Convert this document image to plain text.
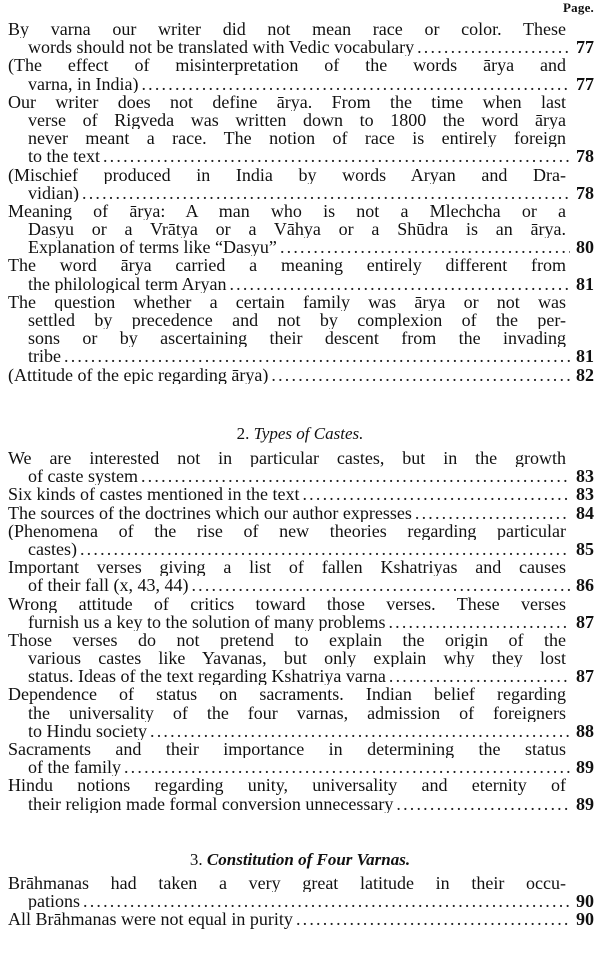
Page.
By varna our writer did not mean race or color. These
words should not be translated with Vedic vocabulary .....	77
(The effect of misinterpretation of the words ārya and
varna, in India) .....	77
Our writer does not define ārya. From the time when last
verse of Rigveda was written down to 1800 the word ārya
never meant a race. The notion of race is entirely foreign
to the text .....	78
(Mischief produced in India by words Aryan and Dra-
vidian) .....	78
Meaning of ārya: A man who is not a Mlechcha or a
Dasyu or a Vrātya or a Vāhya or a Shūdra is an ārya.
Explanation of terms like “Dasyu” .....	80
The word ārya carried a meaning entirely different from
the philological term Aryan .....	81
The question whether a certain family was ārya or not was
settled by precedence and not by complexion of the per-
sons or by ascertaining their descent from the invading
tribe .....	81
(Attitude of the epic regarding ārya) .....	82
2. Types of Castes.
We are interested not in particular castes, but in the growth
of caste system .....	83
Six kinds of castes mentioned in the text .....	83
The sources of the doctrines which our author expresses .....	84
(Phenomena of the rise of new theories regarding particular
castes) .....	85
Important verses giving a list of fallen Kshatriyas and causes
of their fall (x, 43, 44) .....	86
Wrong attitude of critics toward those verses. These verses
furnish us a key to the solution of many problems .....	87
Those verses do not pretend to explain the origin of the
various castes like Yavanas, but only explain why they lost
status. Ideas of the text regarding Kshatriya varna .....	87
Dependence of status on sacraments. Indian belief regarding
the universality of the four varnas, admission of foreigners
to Hindu society .....	88
Sacraments and their importance in determining the status
of the family .....	89
Hindu notions regarding unity, universality and eternity of
their religion made formal conversion unnecessary .....	89
3. Constitution of Four Varnas.
Brāhmanas had taken a very great latitude in their occu-
pations .....	90
All Brāhmanas were not equal in purity .....	90
